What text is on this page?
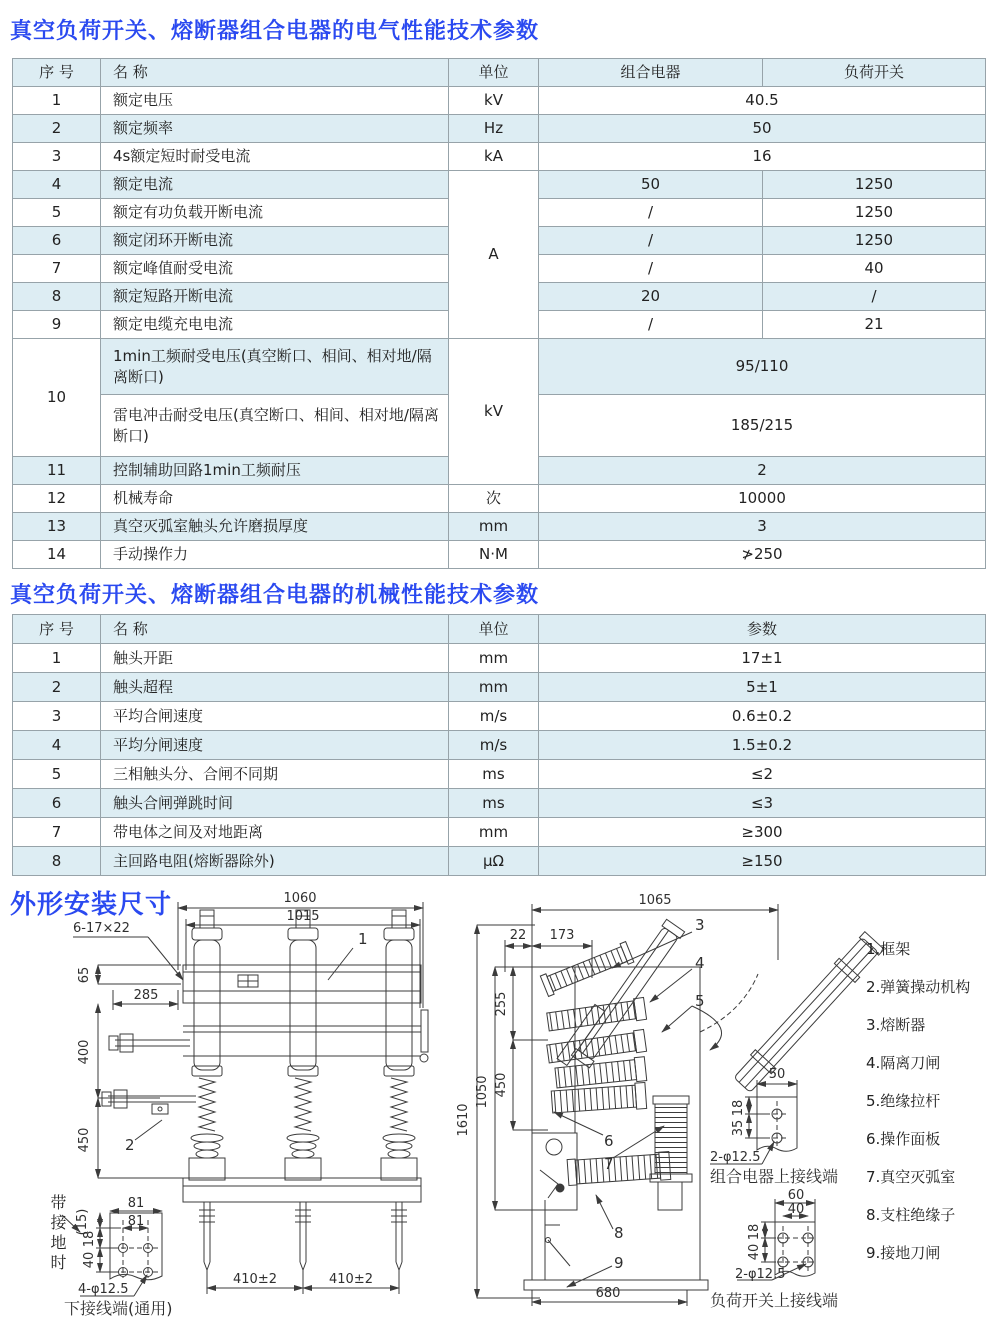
真空负荷开关、熔断器组合电器的电气性能技术参数
序 号	名 称	单位	组合电器	负荷开关
1	额定电压	kV	40.5	
2	额定频率	Hz	50	
3	4s额定短时耐受电流	kA	16	
4	额定电流	A	50	1250
5	额定有功负载开断电流		/	1250
6	额定闭环开断电流		/	1250
7	额定峰值耐受电流		/	40
8	额定短路开断电流		20	/
9	额定电缆充电电流		/	21
10	1min工频耐受电压(真空断口、相间、相对地/隔离断口)	kV	95/110	
	雷电冲击耐受电压(真空断口、相间、相对地/隔离断口)		185/215	
11	控制辅助回路1min工频耐压		2	
12	机械寿命	次	10000	
13	真空灭弧室触头允许磨损厚度	mm	3	
14	手动操作力	N·M	≯250	
真空负荷开关、熔断器组合电器的机械性能技术参数
序 号	名 称	单位	参数
1	触头开距	mm	17±1
2	触头超程	mm	5±1
3	平均合闸速度	m/s	0.6±0.2
4	平均分闸速度	m/s	1.5±0.2
5	三相触头分、合闸不同期	ms	≤2
6	触头合闸弹跳时间	ms	≤3
7	带电体之间及对地距离	mm	≥300
8	主回路电阻(熔断器除外)	μΩ	≥150
外形安装尺寸	1060
1015
6-17×22
65
285
400
450
1
2
410±2	410±2
81
81
(15)
18
40
4-φ12.5
下接线端(通用)
1065
22 173
1610
1050
255
450
680
3
4
5
6
7
8
9
50
18
35
2-φ12.5
组合电器上接线端
60
40
18
40
2-φ12.5
负荷开关上接线端
1.框架
2.弹簧操动机构
3.熔断器
4.隔离刀闸
5.绝缘拉杆
6.操作面板
7.真空灭弧室
8.支柱绝缘子
9.接地刀闸
带接地时
